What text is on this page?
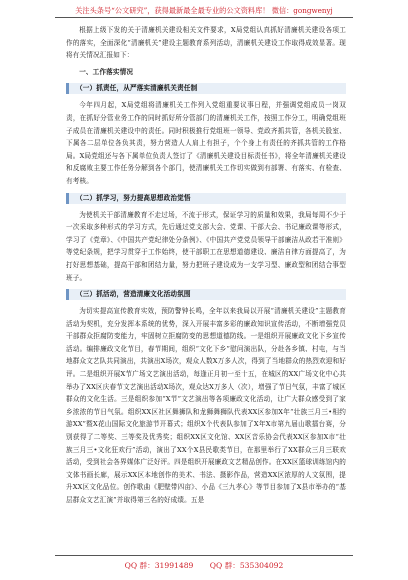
关注头条号“公文研究”，获得最新最全最专业的公文资料库！ 微信：gongwenyj

根据上级下发的关于清廉机关建设相关文件要求，X局党组认真抓好清廉机关建设各项工作的落实，全面深化“清廉机关”建设主题教育系列活动，清廉机关建设工作取得成效显著。现将有关情况汇报如下：

一、工作落实情况
（一）抓责任，从严落实清廉机关责任制

今年四月起，X局党组将清廉机关工作列入党组重要议事日程，并强调党组成员一岗双责，在抓好分管业务工作的同时抓好所分管部门的清廉机关工作，按照工作分工，明确党组班子成员在清廉机关建设中的责任。同时积极推行党组班一领导、党政齐抓共管，各机关股室、下属各二层单位各负其责，努力营造人人肩上有担子，个个身上有责任的齐抓共管的工作格局。X局党组还与各下属单位负责人签订了《清廉机关建设目标责任书》，将全年清廉机关建设和反腐败主要工作任务分解到各个部门，使清廉机关工作切实做到有部署、有落实、有检查、有考核。

（二）抓学习，努力提高思想政治觉悟

为使机关干部清廉教育不走过场，不流于形式，保证学习的质量和效果，我局每周不少于一次采取多种形式的学习方式，先后通过党支部大会、党课、干部大会、书记廉政课等形式，学习了《党章》、《中国共产党纪律处分条例》、《中国共产党党员领导干部廉洁从政若干准则》等党纪条规，把学习贯穿于工作始终，使干部职工在思想道德建设、廉洁自律方面提高了，为打好思想基础，提高干部和团结力量，努力把班子建设成为一支学习型、廉政型和团结合事型班子。

（三）抓活动，营造清廉文化活动氛围

为切实提高宣传教育实效，预防警钟长鸣，全年以来我局以开展“清廉机关建设”主题教育活动为契机，充分发挥本系统的优势，深入开展丰富多彩的廉政知识宣传活动，不断增强党员干部群众拒腐防变能力，牢固树立拒腐防变的思想道德防线。一是组织开展廉政文化下乡宣传活动。编排廉政文化节目，春节期间，组织“文化下乡”慰问演出队，分赴各乡镇、村屯，与当地群众文艺队共同演出，共演出X场次，观众人数X万多人次，得到了当地群众的热烈欢迎和好评。二是组织开展X节广场文艺演出活动，每逢正月初一至十五，在城区的XX广场文化中心共举办了XX区庆春节文艺演出活动X场次，观众达X万多人（次），增强了节日气氛，丰富了城区群众的文化生活。三是组织参加“X节”文艺演出等各项廉政文化活动，让广大群众感受到了家乡浓浓的节日气氛。组织XX区社区舞狮队和龙狮舞狮队代表XX区参加X年“壮族三月三•相约游XX”暨X花山国际文化旅游节开幕式；组织X个代表队参加了X年X市第九届山歌擂台赛，分别获得了二等奖、三等奖及优秀奖；组织XX区文化馆、XX区音乐协会代表XX区参加X市“壮族三月三•文化狂欢行”活动，演出了XX个X县民歌类节目，在那里举行了XX群众三月三联欢活动，受到社会各界媒体广泛好评。四是组织开展廉政文艺精品创作。在XX区篮球训练馆内的文体书画长廊，展示XX区本地创作的美术、书法、摄影作品，营造XX区浓厚的人文氛围，提升XX区文化品位。创作歌曲《肥壁带四亩》、小品《三九孝心》等节目参加了X县市举办的“基层群众文艺汇演”并取得第三名的好成绩。五是

QQ 群：31991489 QQ 群：535304092
